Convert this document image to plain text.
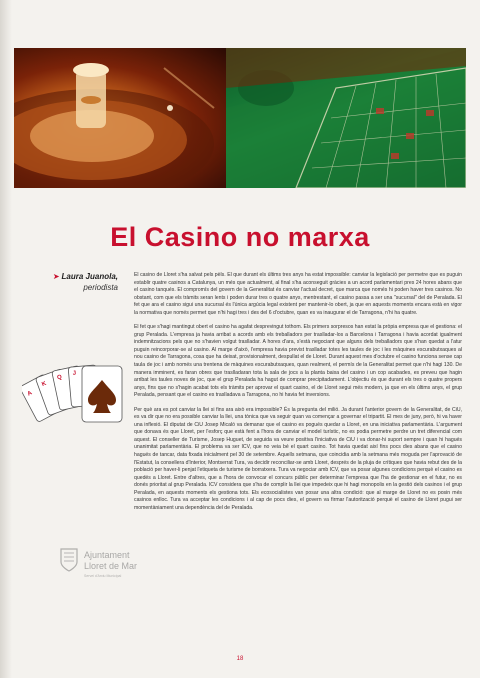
El Casino no marxa
➤ Laura Juanola,
periodista
A
K
Q
J

El casino de Lloret s'ha salvat pels pèls. El que durant els últims tres anys ha estat impossible: canviar la legislació per permetre que es puguin establir quatre casinos a Catalunya, un més que actualment, al final s'ha aconseguit gràcies a un acord parlamentari pres 24 hores abans que el casino tanqués. El compromís del govern de la Generalitat és canviar l'actual decret, que marca que només hi poden haver tres casinos. No obstant, com que els tràmits seran lents i poden durar tres o quatre anys, mentrestant, el casino passa a ser una "sucursal" del de Peralada. El fet que ara el casino sigui una sucursal és l'única argúcia legal existent per mantenir-lo obert, ja que en aquests moments encara està en vigor la normativa que només permet que n'hi hagi tres i des del 6 d'octubre, quan es va inaugurar el de Tarragona, n'hi ha quatre.

El fet que s'hagi mantingut obert el casino ha agafat desprevingut tothom. Els primers sorpresos han estat la pròpia empresa que el gestiona: el grup Peralada. L'empresa ja havia arribat a acords amb els treballadors per traslladar-los a Barcelona i Tarragona i havia acordat igualment indemnitzacions pels que no s'havien volgut traslladar. A hores d'ara, s'està negociant que alguns dels treballadors que s'han quedat a l'atur puguin reincorporar-se al casino. Al marge d'això, l'empresa havia previst traslladar totes les taules de joc i les màquines escurabutxaques al nou casino de Tarragona, cosa que ha deixat, provisionalment, despullat el de Lloret. Durant aquest mes d'octubre el casino funciona sense cap taula de joc i amb només una trentena de màquines escurabutxaques, quan realment, el permís de la Generalitat permet que n'hi hagi 130. De manera imminent, es faran obres que traslladaran tota la sala de jocs a la planta baixa del casino i un cop acabades, es preveu que hagin arribat les taules noves de joc, que el grup Peralada ha hagut de comprar precipitadament. L'objectiu és que durant els tres o quatre propers anys, fins que no s'hagin acabat tots els tràmits per aprovar el quart casino, el de Lloret segui més modern, ja que en els últims anys, el grup Peralada, pensant que el casino es traslladava a Tarragona, no hi havia fet inversions.

Per què ara es pot canviar la llei si fins ara això era impossible? És la pregunta del milió. Ja durant l'anterior govern de la Generalitat, de CiU, es va dir que no era possible canviar la llei, una tònica que va seguir quan va començar a governar el tripartit. El mes de juny, però, hi va haver una inflexió. El diputat de CiU Josep Micaló va demanar que el casino es pogués quedar a Lloret, en una iniciativa parlamentària. L'argument que donava és que Lloret, per l'esforç que està fent a l'hora de canviar el model turístic, no es podia permetre perdre un tret diferencial com aquest. El conseller de Turisme, Josep Huguet, de seguida va veure positiva l'iniciativa de CiU i va donar-hi suport sempre i quan hi hagués unanimitat parlamentària. El problema va ser ICV, que no veia bé el quart casino. Tot havia quedat així fins pocs dies abans que el casino hagués de tancar, data fixada inicialment pel 30 de setembre. Aquells setmana, que coincidia amb la setmana més moguda per l'aprovació de l'Estatut, la consellera d'Interior, Montserrat Tura, va decidir reconciliar-se amb Lloret, després de la pluja de crítiques que havia rebut des de la població per haver-li penjat l'etiqueta de turisme de borratxera. Tura va negociar amb ICV, que va posar algunes condicions perquè el casino es quedés a Lloret. Entre d'altres, que a l'hora de convocar el concurs públic per determinar l'empresa que l'ha de gestionar en el futur, no es donés prioritat al grup Peralada. ICV considera que s'ha de complir la llei que impedeix que hi hagi monopolis en la gestió dels casinos i el grup Peralada, en aquests moments els gestiona tots. Els ecosocialistes van posar una altra condició: que al marge de Lloret no es posin més casinos enlloc. Tura va acceptar les condicions i al cap de pocs dies, el govern va firmar l'autorització perquè el casino de Lloret pugui ser momentàniament una dependència del de Peralada.

Ajuntament
Lloret de Mar
Servei d'Arxiu Municipal
18
